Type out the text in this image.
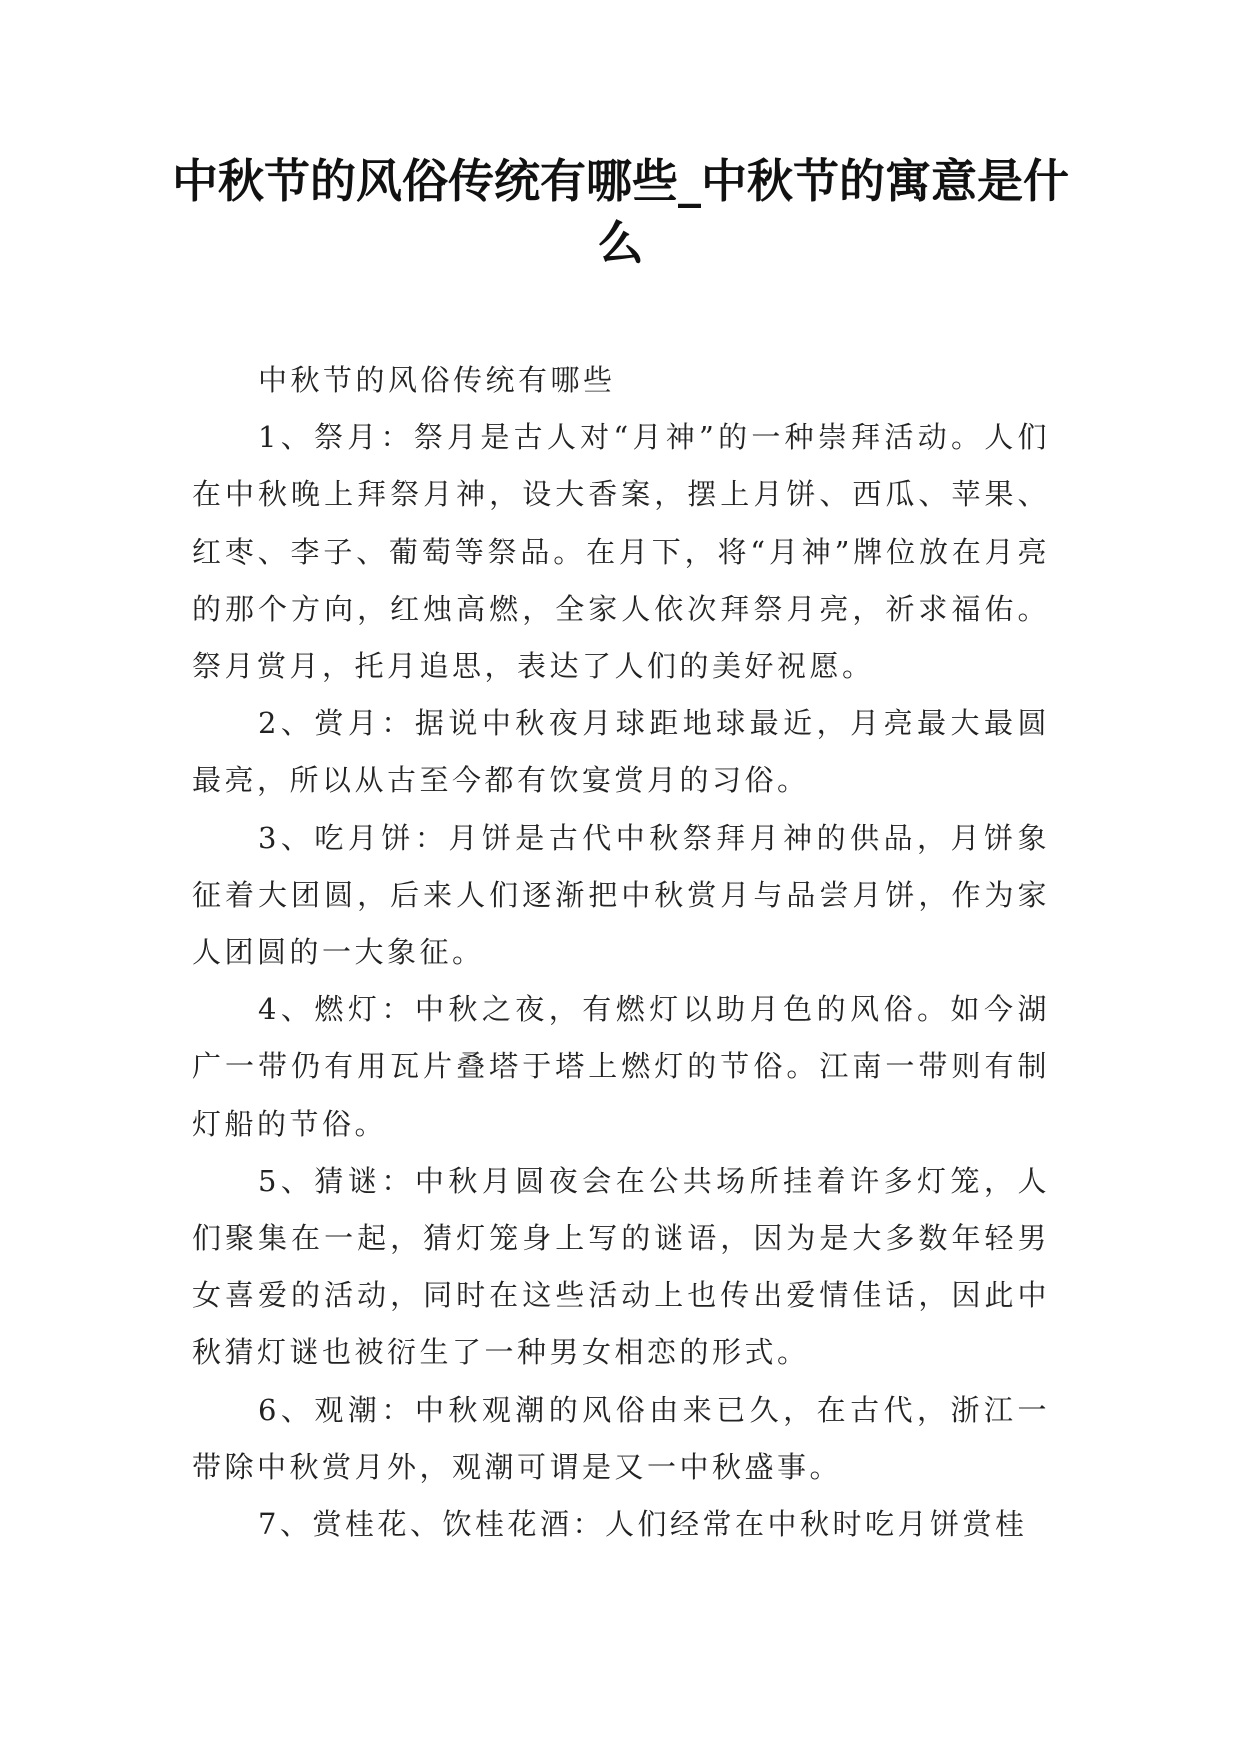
中秋节的风俗传统有哪些_中秋节的寓意是什么

中秋节的风俗传统有哪些

1、祭月：祭月是古人对“月神”的一种崇拜活动。人们在中秋晚上拜祭月神，设大香案，摆上月饼、西瓜、苹果、红枣、李子、葡萄等祭品。在月下，将“月神”牌位放在月亮的那个方向，红烛高燃，全家人依次拜祭月亮，祈求福佑。祭月赏月，托月追思，表达了人们的美好祝愿。

2、赏月：据说中秋夜月球距地球最近，月亮最大最圆最亮，所以从古至今都有饮宴赏月的习俗。

3、吃月饼：月饼是古代中秋祭拜月神的供品，月饼象征着大团圆，后来人们逐渐把中秋赏月与品尝月饼，作为家人团圆的一大象征。

4、燃灯：中秋之夜，有燃灯以助月色的风俗。如今湖广一带仍有用瓦片叠塔于塔上燃灯的节俗。江南一带则有制灯船的节俗。

5、猜谜：中秋月圆夜会在公共场所挂着许多灯笼，人们聚集在一起，猜灯笼身上写的谜语，因为是大多数年轻男女喜爱的活动，同时在这些活动上也传出爱情佳话，因此中秋猜灯谜也被衍生了一种男女相恋的形式。

6、观潮：中秋观潮的风俗由来已久，在古代，浙江一带除中秋赏月外，观潮可谓是又一中秋盛事。

7、赏桂花、饮桂花酒：人们经常在中秋时吃月饼赏桂
